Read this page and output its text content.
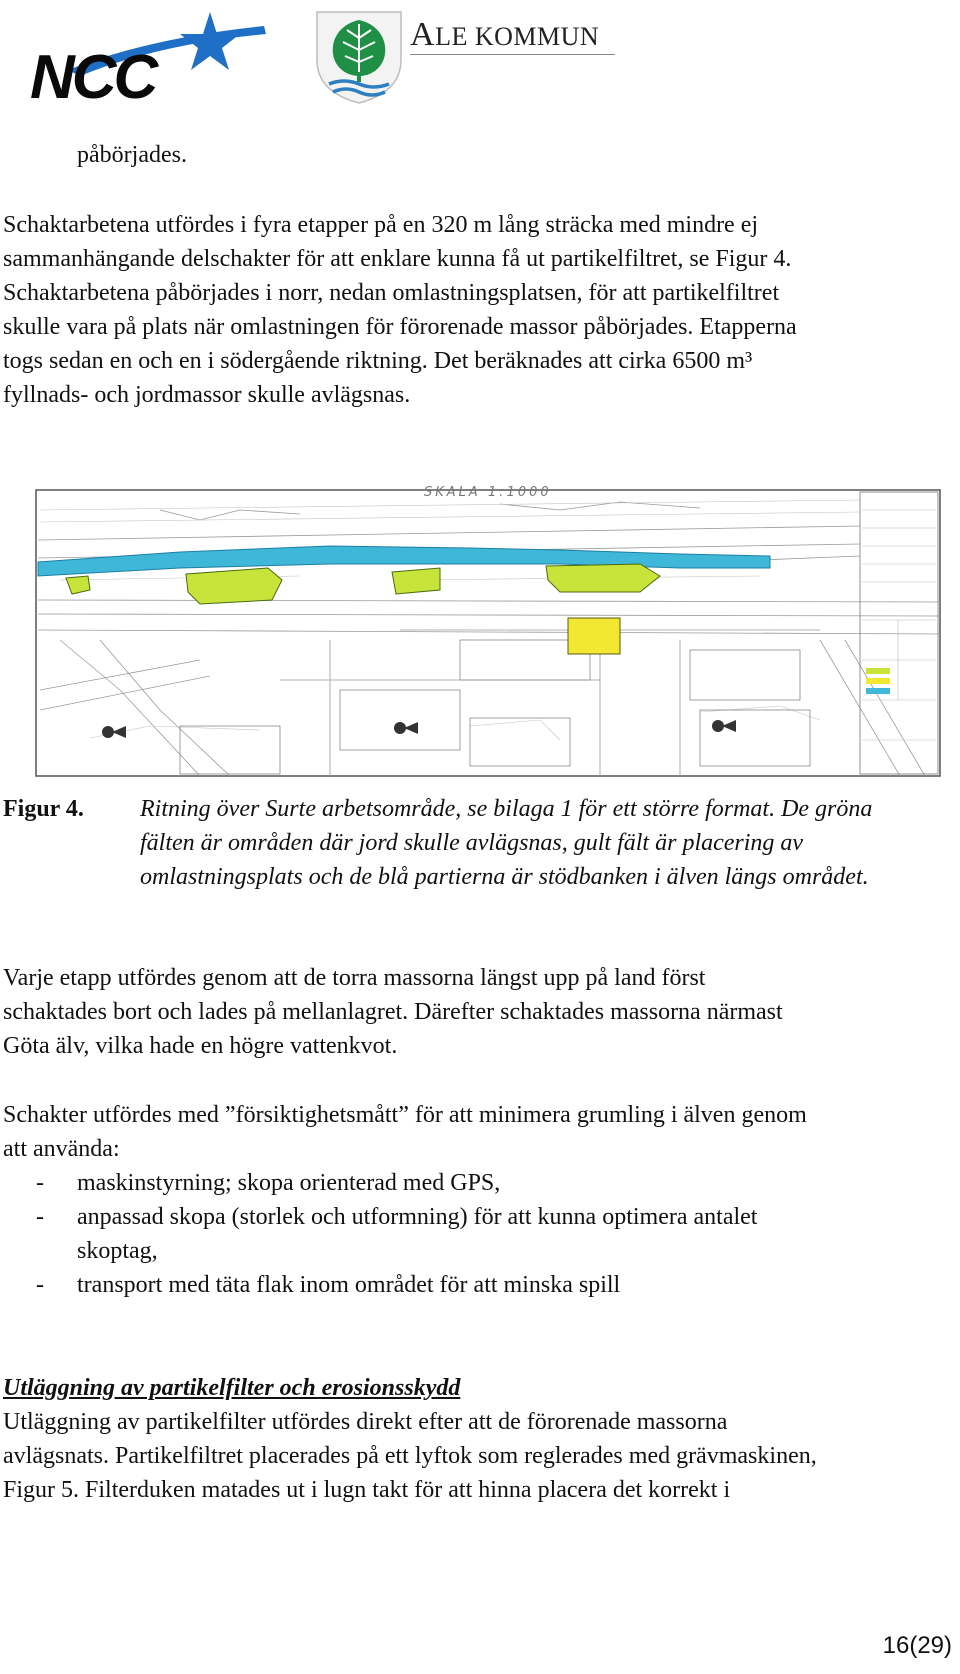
NCC
ALE KOMMUN

påbörjades.

Schaktarbetena utfördes i fyra etapper på en 320 m lång sträcka med mindre ej
sammanhängande delschakter för att enklare kunna få ut partikelfiltret, se Figur 4.
Schaktarbetena påbörjades i norr, nedan omlastningsplatsen, för att partikelfiltret
skulle vara på plats när omlastningen för förorenade massor påbörjades. Etapperna
togs sedan en och en i södergående riktning. Det beräknades att cirka 6500 m³
fyllnads- och jordmassor skulle avlägsnas.
SKALA 1:1000
Figur 4. Ritning över Surte arbetsområde, se bilaga 1 för ett större format. De gröna
fälten är områden där jord skulle avlägsnas, gult fält är placering av
omlastningsplats och de blå partierna är stödbanken i älven längs området.
Varje etapp utfördes genom att de torra massorna längst upp på land först
schaktades bort och lades på mellanlagret. Därefter schaktades massorna närmast
Göta älv, vilka hade en högre vattenkvot.
Schakter utfördes med ”försiktighetsmått” för att minimera grumling i älven genom
att använda:
- maskinstyrning; skopa orienterad med GPS,
- anpassad skopa (storlek och utformning) för att kunna optimera antalet
skoptag,
- transport med täta flak inom området för att minska spill
Utläggning av partikelfilter och erosionsskydd
Utläggning av partikelfilter utfördes direkt efter att de förorenade massorna
avlägsnats. Partikelfiltret placerades på ett lyftok som reglerades med grävmaskinen,
Figur 5. Filterduken matades ut i lugn takt för att hinna placera det korrekt i
16(29)
